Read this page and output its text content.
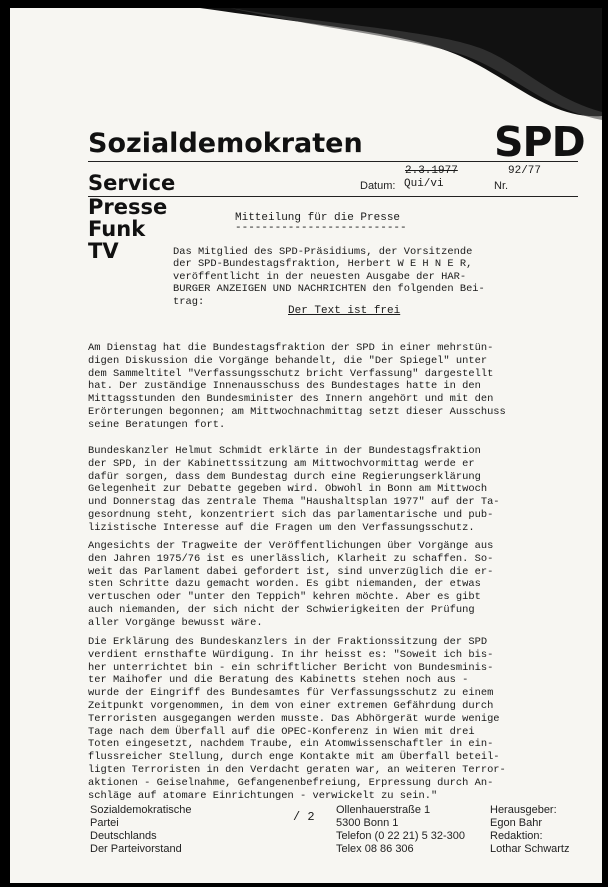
Sozialdemokraten	SPD
Service
Presse
Funk
TV
2.3.1977
Datum: Qui/vi
92/77
Nr.
Mitteilung für die Presse
--------------------------
Das Mitglied des SPD-Präsidiums, der Vorsitzende
der SPD-Bundestagsfraktion, Herbert W E H N E R,
veröffentlicht in der neuesten Ausgabe der HAR-
BURGER ANZEIGEN UND NACHRICHTEN den folgenden Bei-
trag:
Der Text ist frei
Am Dienstag hat die Bundestagsfraktion der SPD in einer mehrstün-
digen Diskussion die Vorgänge behandelt, die "Der Spiegel" unter
dem Sammeltitel "Verfassungsschutz bricht Verfassung" dargestellt
hat. Der zuständige Innenausschuss des Bundestages hatte in den
Mittagsstunden den Bundesminister des Innern angehört und mit den
Erörterungen begonnen; am Mittwochnachmittag setzt dieser Ausschuss
seine Beratungen fort.
Bundeskanzler Helmut Schmidt erklärte in der Bundestagsfraktion
der SPD, in der Kabinettssitzung am Mittwochvormittag werde er
dafür sorgen, dass dem Bundestag durch eine Regierungserklärung
Gelegenheit zur Debatte gegeben wird. Obwohl in Bonn am Mittwoch
und Donnerstag das zentrale Thema "Haushaltsplan 1977" auf der Ta-
gesordnung steht, konzentriert sich das parlamentarische und pub-
lizistische Interesse auf die Fragen um den Verfassungsschutz.
Angesichts der Tragweite der Veröffentlichungen über Vorgänge aus
den Jahren 1975/76 ist es unerlässlich, Klarheit zu schaffen. So-
weit das Parlament dabei gefordert ist, sind unverzüglich die er-
sten Schritte dazu gemacht worden. Es gibt niemanden, der etwas
vertuschen oder "unter den Teppich" kehren möchte. Aber es gibt
auch niemanden, der sich nicht der Schwierigkeiten der Prüfung
aller Vorgänge bewusst wäre.
Die Erklärung des Bundeskanzlers in der Fraktionssitzung der SPD
verdient ernsthafte Würdigung. In ihr heisst es: "Soweit ich bis-
her unterrichtet bin - ein schriftlicher Bericht von Bundesminis-
ter Maihofer und die Beratung des Kabinetts stehen noch aus -
wurde der Eingriff des Bundesamtes für Verfassungsschutz zu einem
Zeitpunkt vorgenommen, in dem von einer extremen Gefährdung durch
Terroristen ausgegangen werden musste. Das Abhörgerät wurde wenige
Tage nach dem Überfall auf die OPEC-Konferenz in Wien mit drei
Toten eingesetzt, nachdem Traube, ein Atomwissenschaftler in ein-
flussreicher Stellung, durch enge Kontakte mit am Überfall beteil-
ligten Terroristen in den Verdacht geraten war, an weiteren Terror-
aktionen - Geiselnahme, Gefangenenbefreiung, Erpressung durch An-
schläge auf atomare Einrichtungen - verwickelt zu sein."
Sozialdemokratische
Partei
Deutschlands
Der Parteivorstand
/ 2 Ollenhauerstraße 1
5300 Bonn 1
Telefon (0 22 21) 5 32-300
Telex 08 86 306
Herausgeber:
Egon Bahr
Redaktion:
Lothar Schwartz
